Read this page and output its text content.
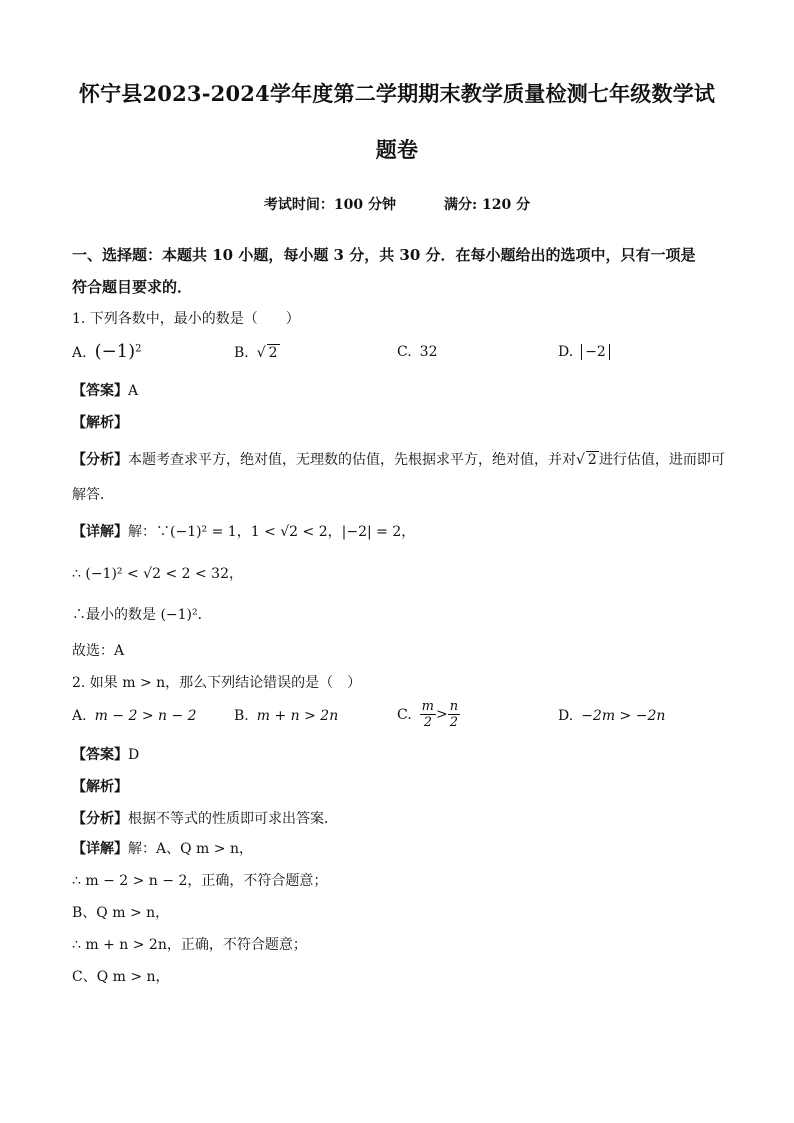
怀宁县2023-2024学年度第二学期期末教学质量检测七年级数学试
题卷
考试时间：100 分钟	满分: 120 分
一、选择题：本题共 10 小题，每小题 3 分，共 30 分．在每小题给出的选项中，只有一项是
符合题目要求的．
1. 下列各数中，最小的数是（　　）
A. $(-1)^2$	B. √ 2	C. 32	D. −2
【答案】A
【解析】
【分析】本题考查求平方，绝对值，无理数的估值，先根据求平方，绝对值，并对√ 2 进行估值，进而即可
解答．
【详解】解：∵(−1)² = 1，1 < √2 < 2，|−2| = 2，
∴ (−1)² < √2 < 2 < 32，
∴最小的数是 (−1)²．
故选：A
2. 如果 m > n，那么下列结论错误的是（　）
A. m − 2 > n − 2	B. m + n > 2n	C. $\frac{m}{2} > \frac{n}{2}$	D. −2m > −2n
【答案】D
【解析】
【分析】根据不等式的性质即可求出答案．
【详解】解：A、Q m > n，
∴ m − 2 > n − 2，正确，不符合题意；
B、Q m > n，
∴ m + n > 2n，正确，不符合题意；
C、Q m > n，
